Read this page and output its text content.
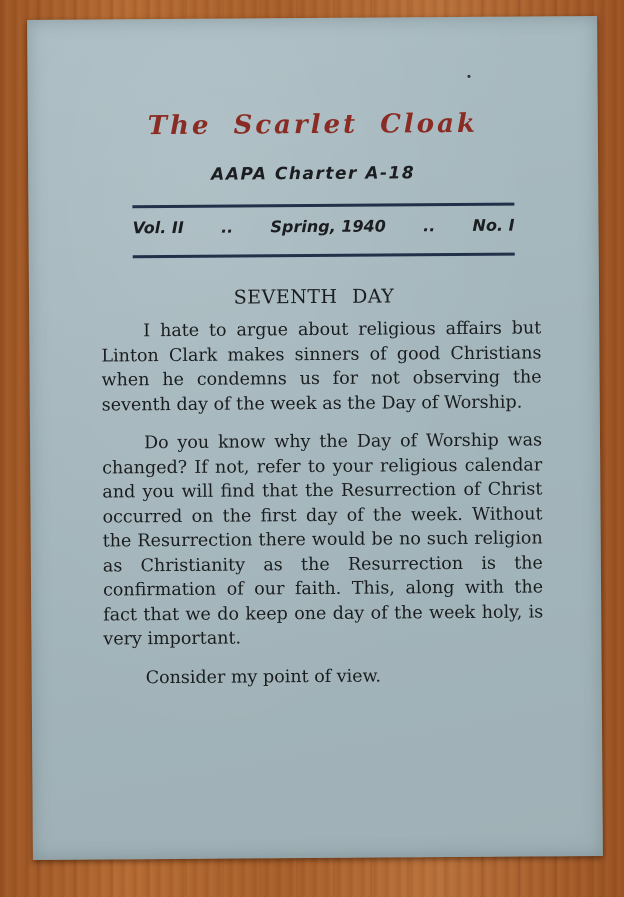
The Scarlet Cloak
AAPA Charter A-18
Vol. II .. Spring, 1940 .. No. I
SEVENTH DAY

I hate to argue about religious affairs but Linton Clark makes sinners of good Christians when he condemns us for not observing the seventh day of the week as the Day of Worship.

Do you know why the Day of Worship was changed? If not, refer to your religious calendar and you will find that the Resurrection of Christ occurred on the first day of the week. Without the Resurrection there would be no such religion as Christianity as the Resurrection is the confirmation of our faith. This, along with the fact that we do keep one day of the week holy, is very important.

Consider my point of view.
